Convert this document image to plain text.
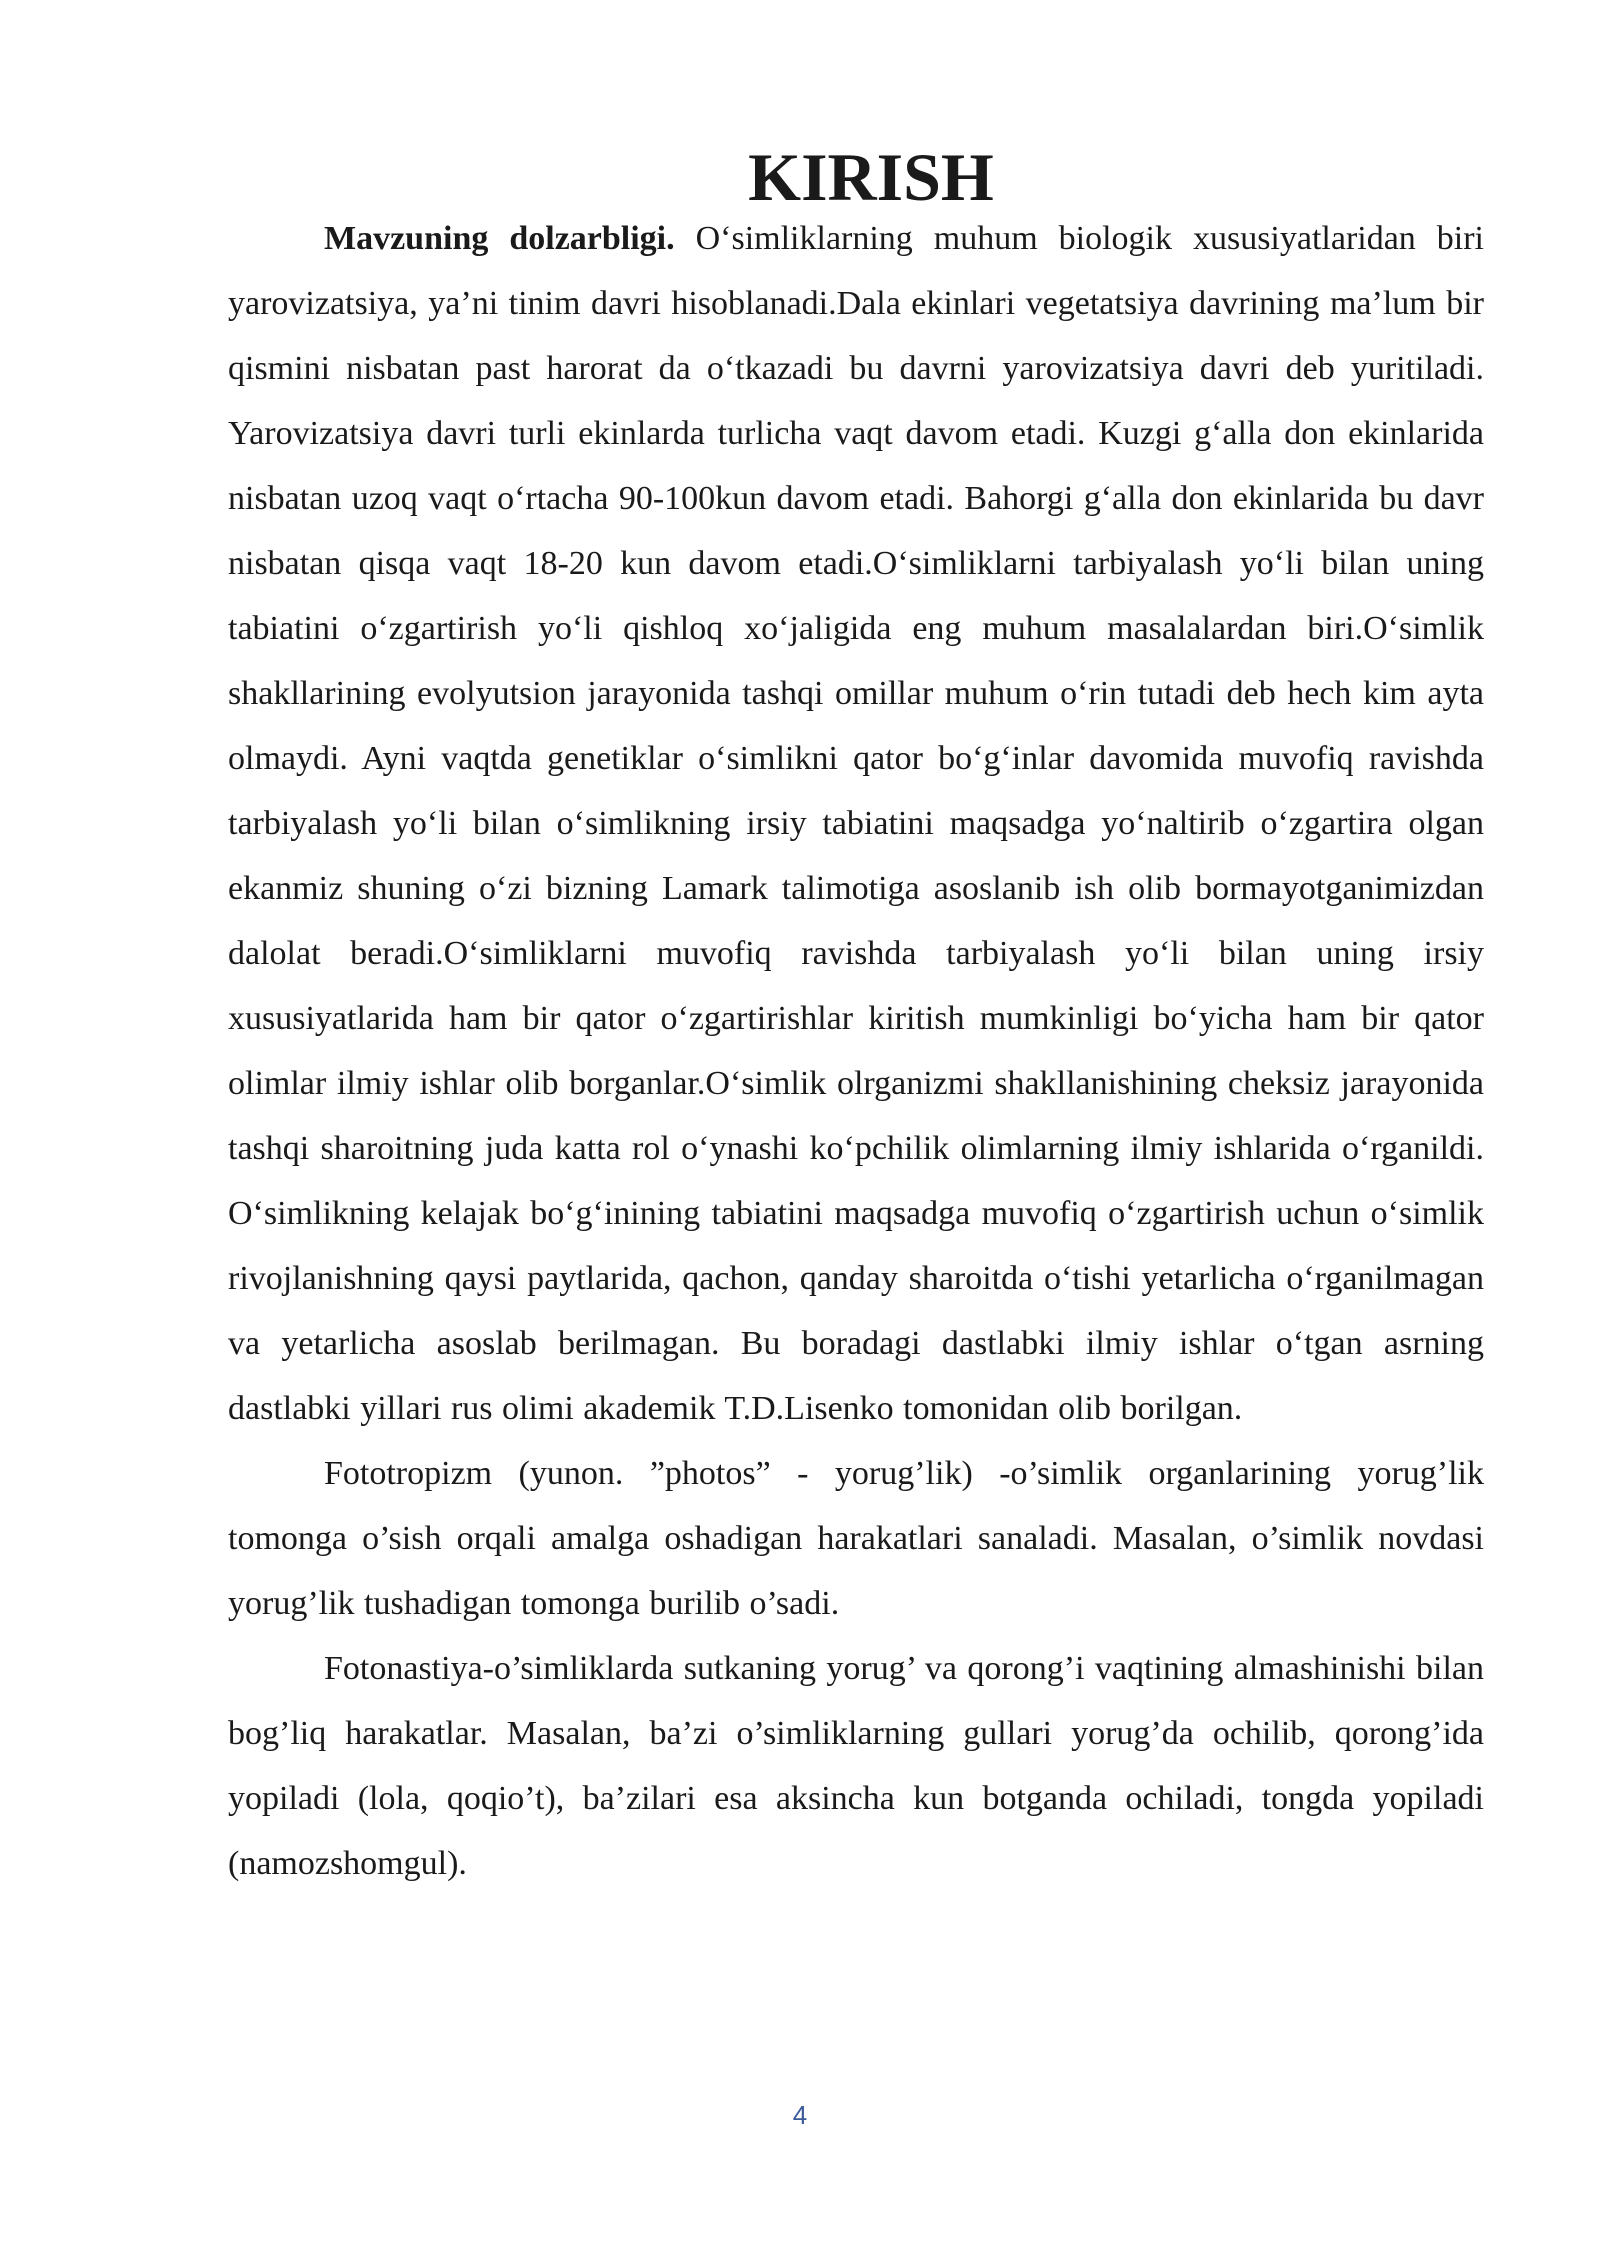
KIRISH

Mavzuning dolzarbligi. O‘simliklarning muhum biologik xususiyatlaridan biri yarovizatsiya, ya’ni tinim davri hisoblanadi.Dala ekinlari vegetatsiya davrining ma’lum bir qismini nisbatan past harorat da o‘tkazadi bu davrni yarovizatsiya davri deb yuritiladi. Yarovizatsiya davri turli ekinlarda turlicha vaqt davom etadi. Kuzgi g‘alla don ekinlarida nisbatan uzoq vaqt o‘rtacha 90-100kun davom etadi. Bahorgi g‘alla don ekinlarida bu davr nisbatan qisqa vaqt 18-20 kun davom etadi.O‘simliklarni tarbiyalash yo‘li bilan uning tabiatini o‘zgartirish yo‘li qishloq xo‘jaligida eng muhum masalalardan biri.O‘simlik shakllarining evolyutsion jarayonida tashqi omillar muhum o‘rin tutadi deb hech kim ayta olmaydi. Ayni vaqtda genetiklar o‘simlikni qator bo‘g‘inlar davomida muvofiq ravishda tarbiyalash yo‘li bilan o‘simlikning irsiy tabiatini maqsadga yo‘naltirib o‘zgartira olgan ekanmiz shuning o‘zi bizning Lamark talimotiga asoslanib ish olib bormayotganimizdan dalolat beradi.O‘simliklarni muvofiq ravishda tarbiyalash yo‘li bilan uning irsiy xususiyatlarida ham bir qator o‘zgartirishlar kiritish mumkinligi bo‘yicha ham bir qator olimlar ilmiy ishlar olib borganlar.O‘simlik olrganizmi shakllanishining cheksiz jarayonida tashqi sharoitning juda katta rol o‘ynashi ko‘pchilik olimlarning ilmiy ishlarida o‘rganildi. O‘simlikning kelajak bo‘g‘inining tabiatini maqsadga muvofiq o‘zgartirish uchun o‘simlik rivojlanishning qaysi paytlarida, qachon, qanday sharoitda o‘tishi yetarlicha o‘rganilmagan va yetarlicha asoslab berilmagan. Bu boradagi dastlabki ilmiy ishlar o‘tgan asrning dastlabki yillari rus olimi akademik T.D.Lisenko tomonidan olib borilgan.

Fototropizm (yunon. ”photos” - yorug’lik) -o’simlik organlarining yorug’lik tomonga o’sish orqali amalga oshadigan harakatlari sanaladi. Masalan, o’simlik novdasi yorug’lik tushadigan tomonga burilib o’sadi.

Fotonastiya-o’simliklarda sutkaning yorug’ va qorong’i vaqtining almashinishi bilan bog’liq harakatlar. Masalan, ba’zi o’simliklarning gullari yorug’da ochilib, qorong’ida yopiladi (lola, qoqio’t), ba’zilari esa aksincha kun botganda ochiladi, tongda yopiladi (namozshomgul).

4
